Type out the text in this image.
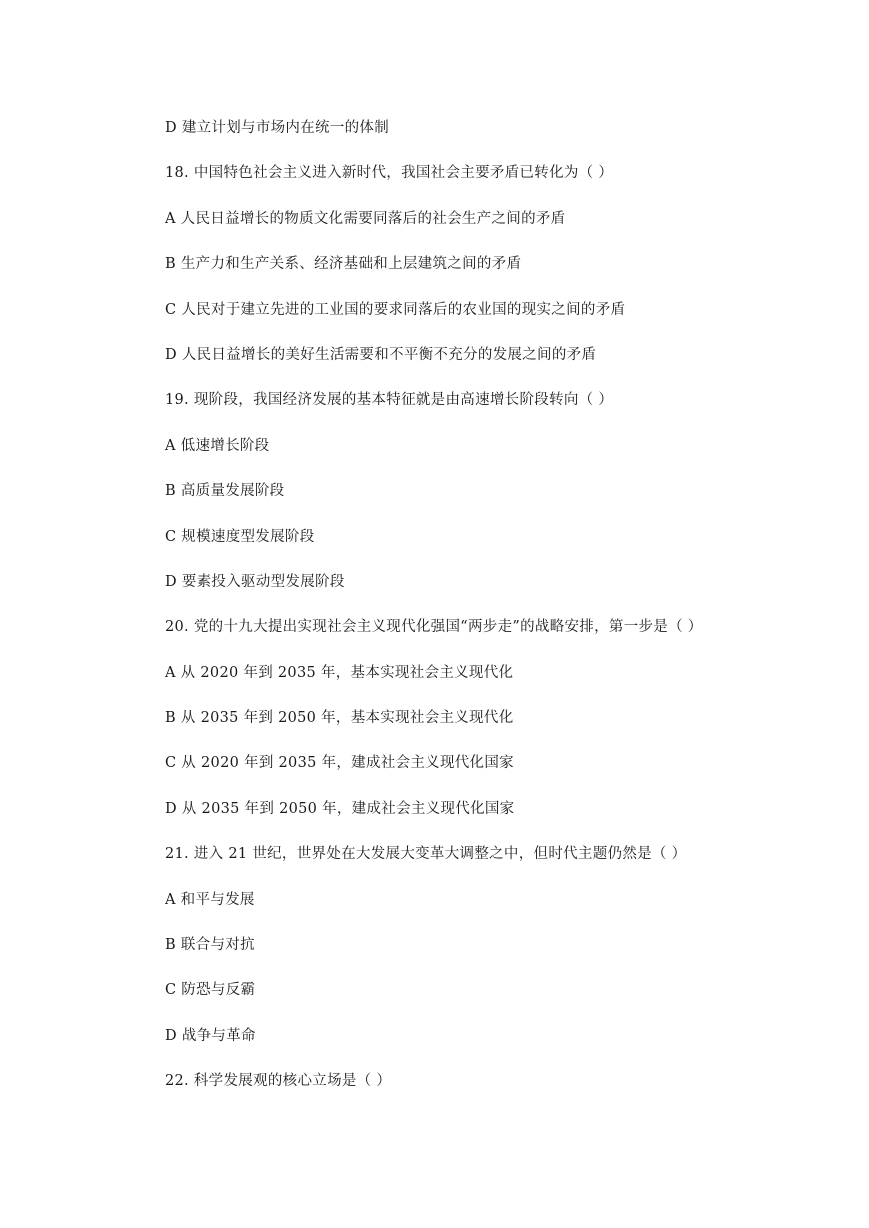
D 建立计划与市场内在统一的体制
18. 中国特色社会主义进入新时代，我国社会主要矛盾已转化为（ ）
A 人民日益增长的物质文化需要同落后的社会生产之间的矛盾
B 生产力和生产关系、经济基础和上层建筑之间的矛盾
C 人民对于建立先进的工业国的要求同落后的农业国的现实之间的矛盾
D 人民日益增长的美好生活需要和不平衡不充分的发展之间的矛盾
19. 现阶段，我国经济发展的基本特征就是由高速增长阶段转向（ ）
A 低速增长阶段
B 高质量发展阶段
C 规模速度型发展阶段
D 要素投入驱动型发展阶段
20. 党的十九大提出实现社会主义现代化强国“两步走”的战略安排，第一步是（ ）
A 从 2020 年到 2035 年，基本实现社会主义现代化
B 从 2035 年到 2050 年，基本实现社会主义现代化
C 从 2020 年到 2035 年，建成社会主义现代化国家
D 从 2035 年到 2050 年，建成社会主义现代化国家
21. 进入 21 世纪，世界处在大发展大变革大调整之中，但时代主题仍然是（ ）
A 和平与发展
B 联合与对抗
C 防恐与反霸
D 战争与革命
22. 科学发展观的核心立场是（ ）
